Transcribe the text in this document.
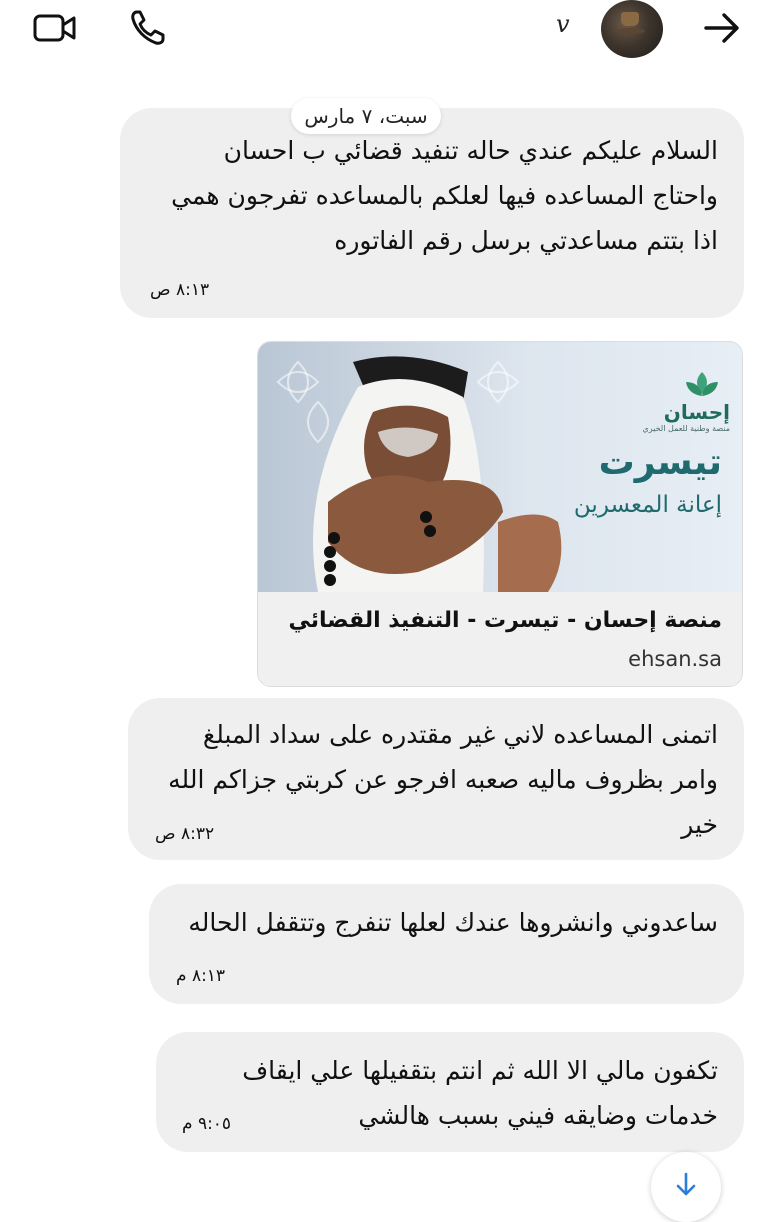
v
سبت، ٧ مارس
السلام عليكم عندي حاله تنفيد قضائي ب احسان واحتاج المساعده فيها لعلكم بالمساعده تفرجون همي اذا بتتم مساعدتي برسل رقم الفاتوره
٨:١٣ ص
إحسان
منصة وطنية للعمل الخيري
تيسرت
إعانة المعسرين
منصة إحسان - تيسرت - التنفيذ القضائي
ehsan.sa
اتمنى المساعده لاني غير مقتدره على سداد المبلغ وامر بظروف ماليه صعبه افرجو عن كربتي جزاكم الله خير
٨:٣٢ ص
ساعدوني وانشروها عندك لعلها تنفرج وتتقفل الحاله
٨:١٣ م
تكفون مالي الا الله ثم انتم بتقفيلها علي ايقاف خدمات وضايقه فيني بسبب هالشي
٩:٠٥ م
